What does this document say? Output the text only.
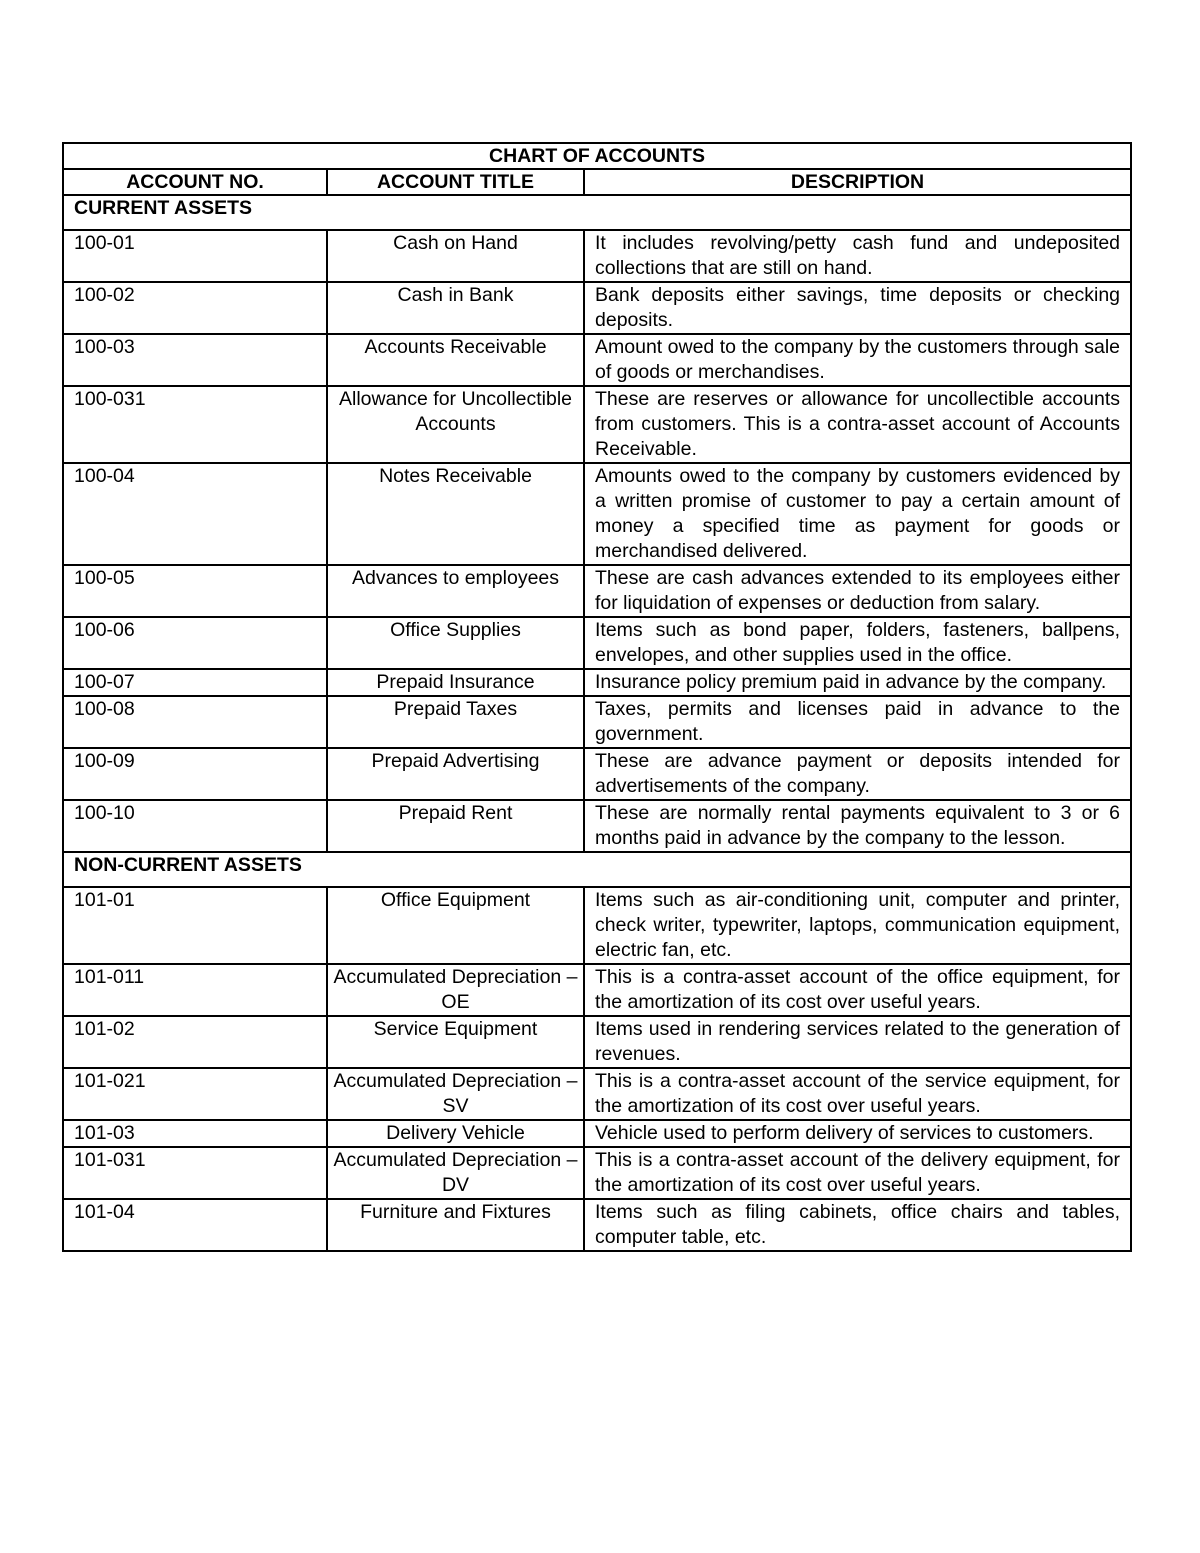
CHART OF ACCOUNTS		
ACCOUNT NO.	ACCOUNT TITLE	DESCRIPTION
CURRENT ASSETS		
100-01	Cash on Hand	It includes revolving/petty cash fund and undeposited collections that are still on hand.
100-02	Cash in Bank	Bank deposits either savings, time deposits or checking deposits.
100-03	Accounts Receivable	Amount owed to the company by the customers through sale of goods or merchandises.
100-031	Allowance for Uncollectible Accounts	These are reserves or allowance for uncollectible accounts from customers. This is a contra-asset account of Accounts Receivable.
100-04	Notes Receivable	Amounts owed to the company by customers evidenced by a written promise of customer to pay a certain amount of money a specified time as payment for goods or merchandised delivered.
100-05	Advances to employees	These are cash advances extended to its employees either for liquidation of expenses or deduction from salary.
100-06	Office Supplies	Items such as bond paper, folders, fasteners, ballpens, envelopes, and other supplies used in the office.
100-07	Prepaid Insurance	Insurance policy premium paid in advance by the company.
100-08	Prepaid Taxes	Taxes, permits and licenses paid in advance to the government.
100-09	Prepaid Advertising	These are advance payment or deposits intended for advertisements of the company.
100-10	Prepaid Rent	These are normally rental payments equivalent to 3 or 6 months paid in advance by the company to the lesson.
NON-CURRENT ASSETS		
101-01	Office Equipment	Items such as air-conditioning unit, computer and printer, check writer, typewriter, laptops, communication equipment, electric fan, etc.
101-011	Accumulated Depreciation – OE	This is a contra-asset account of the office equipment, for the amortization of its cost over useful years.
101-02	Service Equipment	Items used in rendering services related to the generation of revenues.
101-021	Accumulated Depreciation – SV	This is a contra-asset account of the service equipment, for the amortization of its cost over useful years.
101-03	Delivery Vehicle	Vehicle used to perform delivery of services to customers.
101-031	Accumulated Depreciation – DV	This is a contra-asset account of the delivery equipment, for the amortization of its cost over useful years.
101-04	Furniture and Fixtures	Items such as filing cabinets, office chairs and tables, computer table, etc.
